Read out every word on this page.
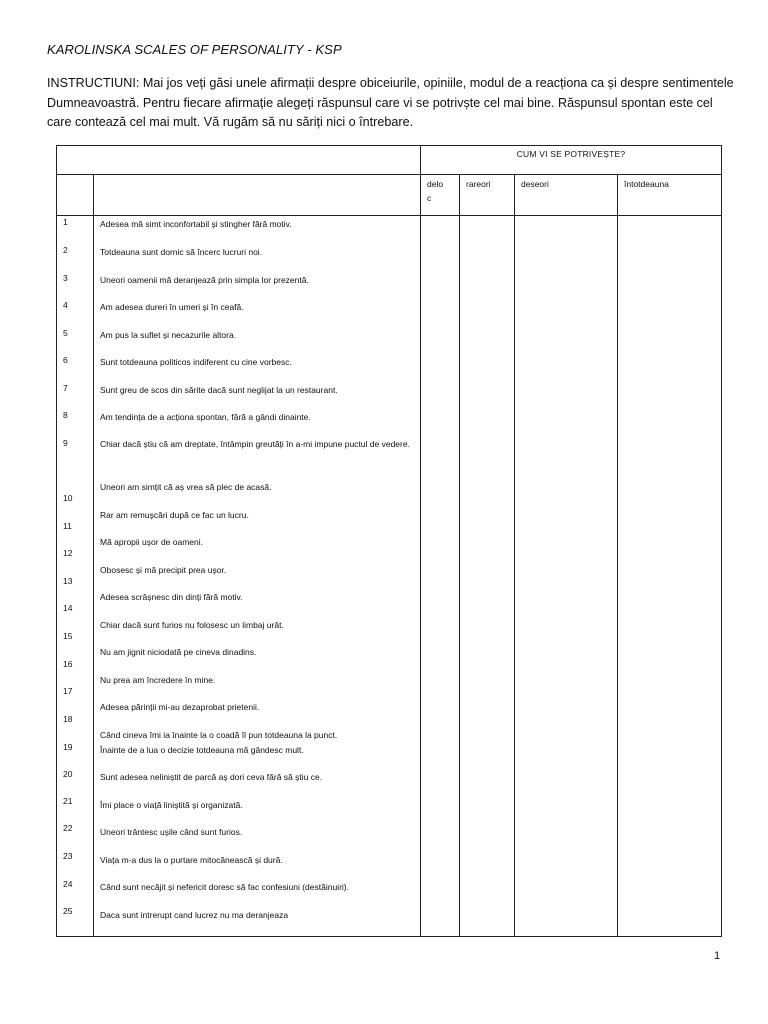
KAROLINSKA SCALES OF PERSONALITY - KSP
INSTRUCTIUNI: Mai jos veți găsi unele afirmații despre obiceiurile, opiniile, modul de a reacționa ca și despre sentimentele Dumneavoastră. Pentru fiecare afirmație alegeți răspunsul care vi se potrivște cel mai bine. Răspunsul spontan este cel care contează cel mai mult. Vă rugăm să nu săriți nici o întrebare.
CUM VI SE POTRIVEȘTE?
delo
c
rareori	deseori	întotdeauna
1
2
3
4
5
6
7
8
9
10
11
12
13
14
15
16
17
18
19
20
21
22
23
24
25
Adesea mă simt inconfortabil și stingher fără motiv.
Totdeauna sunt dornic să încerc lucruri noi.
Uneori oamenii mă deranjează prin simpla lor prezentă.
Am adesea dureri în umeri și în ceafă.
Am pus la suflet și necazurile altora.
Sunt totdeauna politicos indiferent cu cine vorbesc.
Sunt greu de scos din sărite dacă sunt neglijat la un restaurant.
Am tendința de a acționa spontan, fără a gândi dinainte.
Chiar dacă știu că am dreptate, întâmpin greutăți în a-mi impune puctul de vedere.
Uneori am simțit că aș vrea să plec de acasă.
Rar am remușcări după ce fac un lucru.
Mă apropii ușor de oameni.
Obosesc și mă precipit prea ușor.
Adesea scrâșnesc din dinți fără motiv.
Chiar dacă sunt furios nu folosesc un limbaj urât.
Nu am jignit niciodată pe cineva dinadins.
Nu prea am încredere în mine.
Adesea părinții mi-au dezaprobat prietenii.
Când cineva îmi ia înainte la o coadă îl pun totdeauna la punct.
Înainte de a lua o decizie totdeauna mă gândesc mult.
Sunt adesea neliniștit de parcă aș dori ceva fără să știu ce.
Îmi place o viață liniștită și organizată.
Uneori trântesc ușile când sunt furios.
Viața m-a dus la o purtare mitocănească și dură.
Când sunt necăjit și nefericit doresc să fac confesiuni (destăinuiri).
Daca sunt intrerupt cand lucrez nu ma deranjeaza
1
